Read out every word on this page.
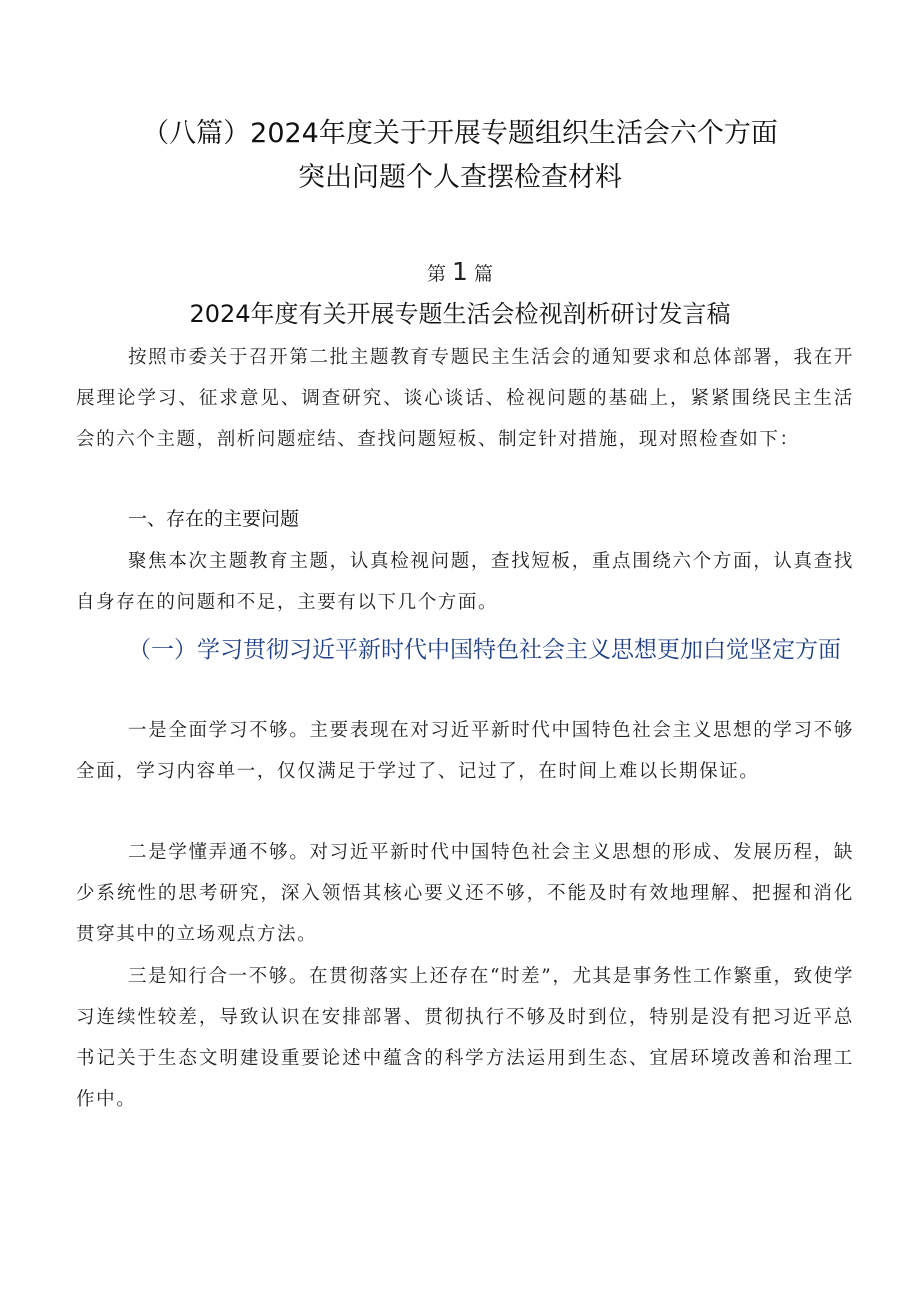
（八篇）2024年度关于开展专题组织生活会六个方面
突出问题个人查摆检查材料
第 1 篇
2024年度有关开展专题生活会检视剖析研讨发言稿

按照市委关于召开第二批主题教育专题民主生活会的通知要求和总体部署，我在开展理论学习、征求意见、调查研究、谈心谈话、检视问题的基础上，紧紧围绕民主生活会的六个主题，剖析问题症结、查找问题短板、制定针对措施，现对照检查如下：

一、存在的主要问题

聚焦本次主题教育主题，认真检视问题，查找短板，重点围绕六个方面，认真查找自身存在的问题和不足，主要有以下几个方面。

（一）学习贯彻习近平新时代中国特色社会主义思想更加白觉坚定方面

一是全面学习不够。主要表现在对习近平新时代中国特色社会主义思想的学习不够全面，学习内容单一，仅仅满足于学过了、记过了，在时间上难以长期保证。

二是学懂弄通不够。对习近平新时代中国特色社会主义思想的形成、发展历程，缺少系统性的思考研究，深入领悟其核心要义还不够，不能及时有效地理解、把握和消化贯穿其中的立场观点方法。

三是知行合一不够。在贯彻落实上还存在“时差”，尤其是事务性工作繁重，致使学习连续性较差，导致认识在安排部署、贯彻执行不够及时到位，特别是没有把习近平总书记关于生态文明建设重要论述中蕴含的科学方法运用到生态、宜居环境改善和治理工作中。
